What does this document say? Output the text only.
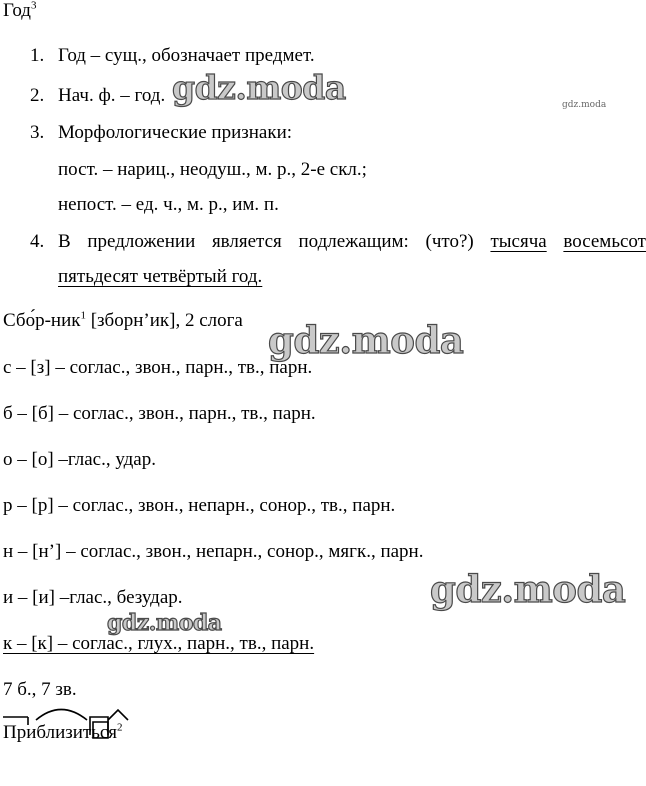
Год$^3$
1. Год – сущ., обозначает предмет.
2. Нач. ф. – год.
3. Морфологические признаки:
пост. – нариц., неодуш., м. р., 2-е скл.;
непост. – ед. ч., м. р., им. п.
4. В предложении является подлежащим: (что?) тысяча восемьсот
пятьдесят четвёртый год.
Сбо́р-ник$^1$ [зборн’ик], 2 слога
с – [з] – соглас., звон., парн., тв., парн.
б – [б] – соглас., звон., парн., тв., парн.
о – [о] –глас., удар.
р – [р] – соглас., звон., непарн., сонор., тв., парн.
н – [н’] – соглас., звон., непарн., сонор., мягк., парн.
и – [и] –глас., безудар.
к – [к] – соглас., глух., парн., тв., парн.
7 б., 7 зв.
Приблизиться$^2$
gdz.moda	gdz.moda
gdz.moda
gdz.moda
gdz.moda
